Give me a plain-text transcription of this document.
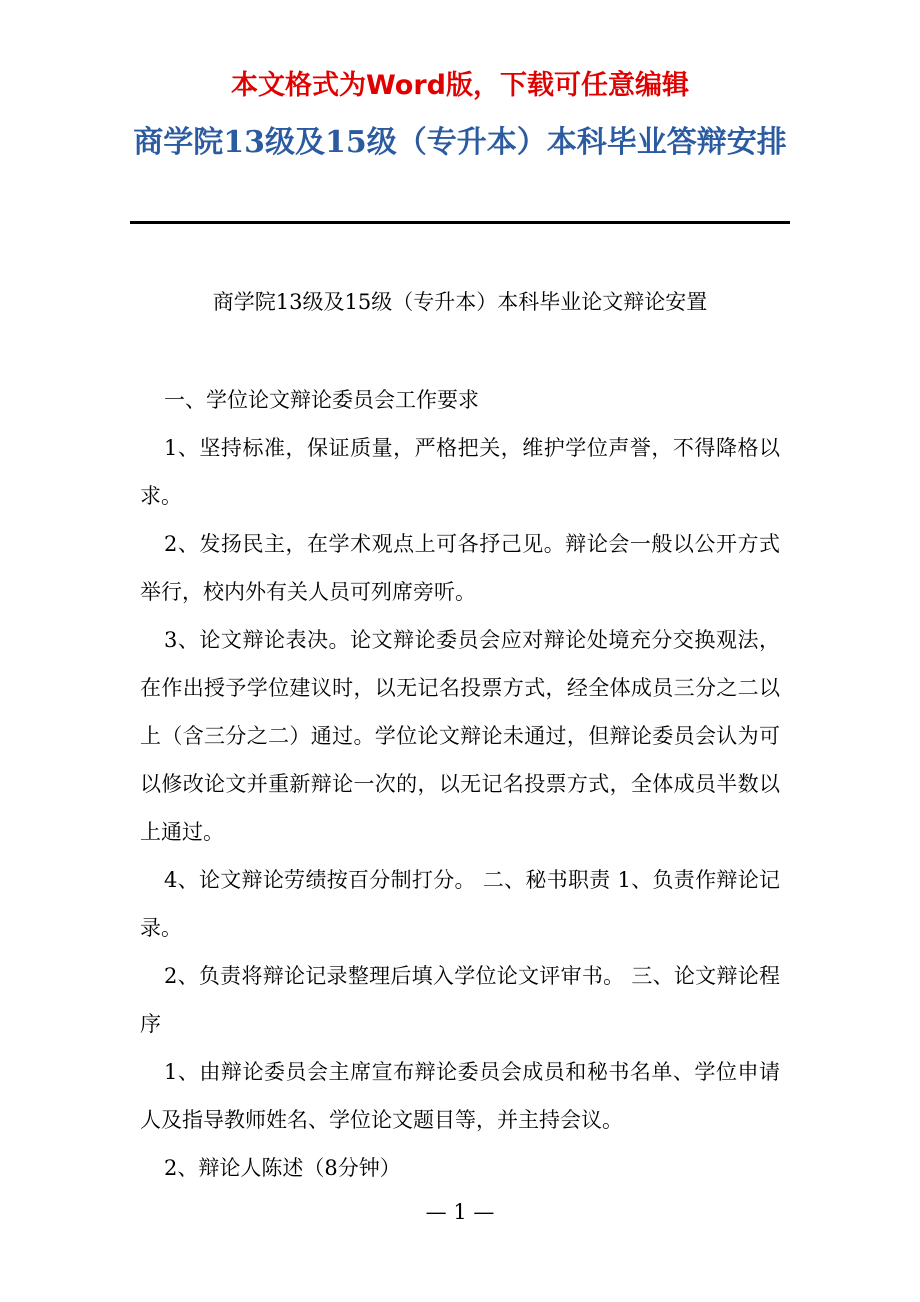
本文格式为Word版，下载可任意编辑
商学院13级及15级（专升本）本科毕业答辩安排
商学院13级及15级（专升本）本科毕业论文辩论安置

一、学位论文辩论委员会工作要求

1、坚持标准，保证质量，严格把关，维护学位声誉，不得降格以求。

2、发扬民主，在学术观点上可各抒己见。辩论会一般以公开方式举行，校内外有关人员可列席旁听。

3、论文辩论表决。论文辩论委员会应对辩论处境充分交换观法，在作出授予学位建议时，以无记名投票方式，经全体成员三分之二以上（含三分之二）通过。学位论文辩论未通过，但辩论委员会认为可以修改论文并重新辩论一次的，以无记名投票方式，全体成员半数以上通过。

4、论文辩论劳绩按百分制打分。 二、秘书职责 1、负责作辩论记录。

2、负责将辩论记录整理后填入学位论文评审书。 三、论文辩论程序

1、由辩论委员会主席宣布辩论委员会成员和秘书名单、学位申请人及指导教师姓名、学位论文题目等，并主持会议。

2、辩论人陈述（8分钟）

— 1 —
